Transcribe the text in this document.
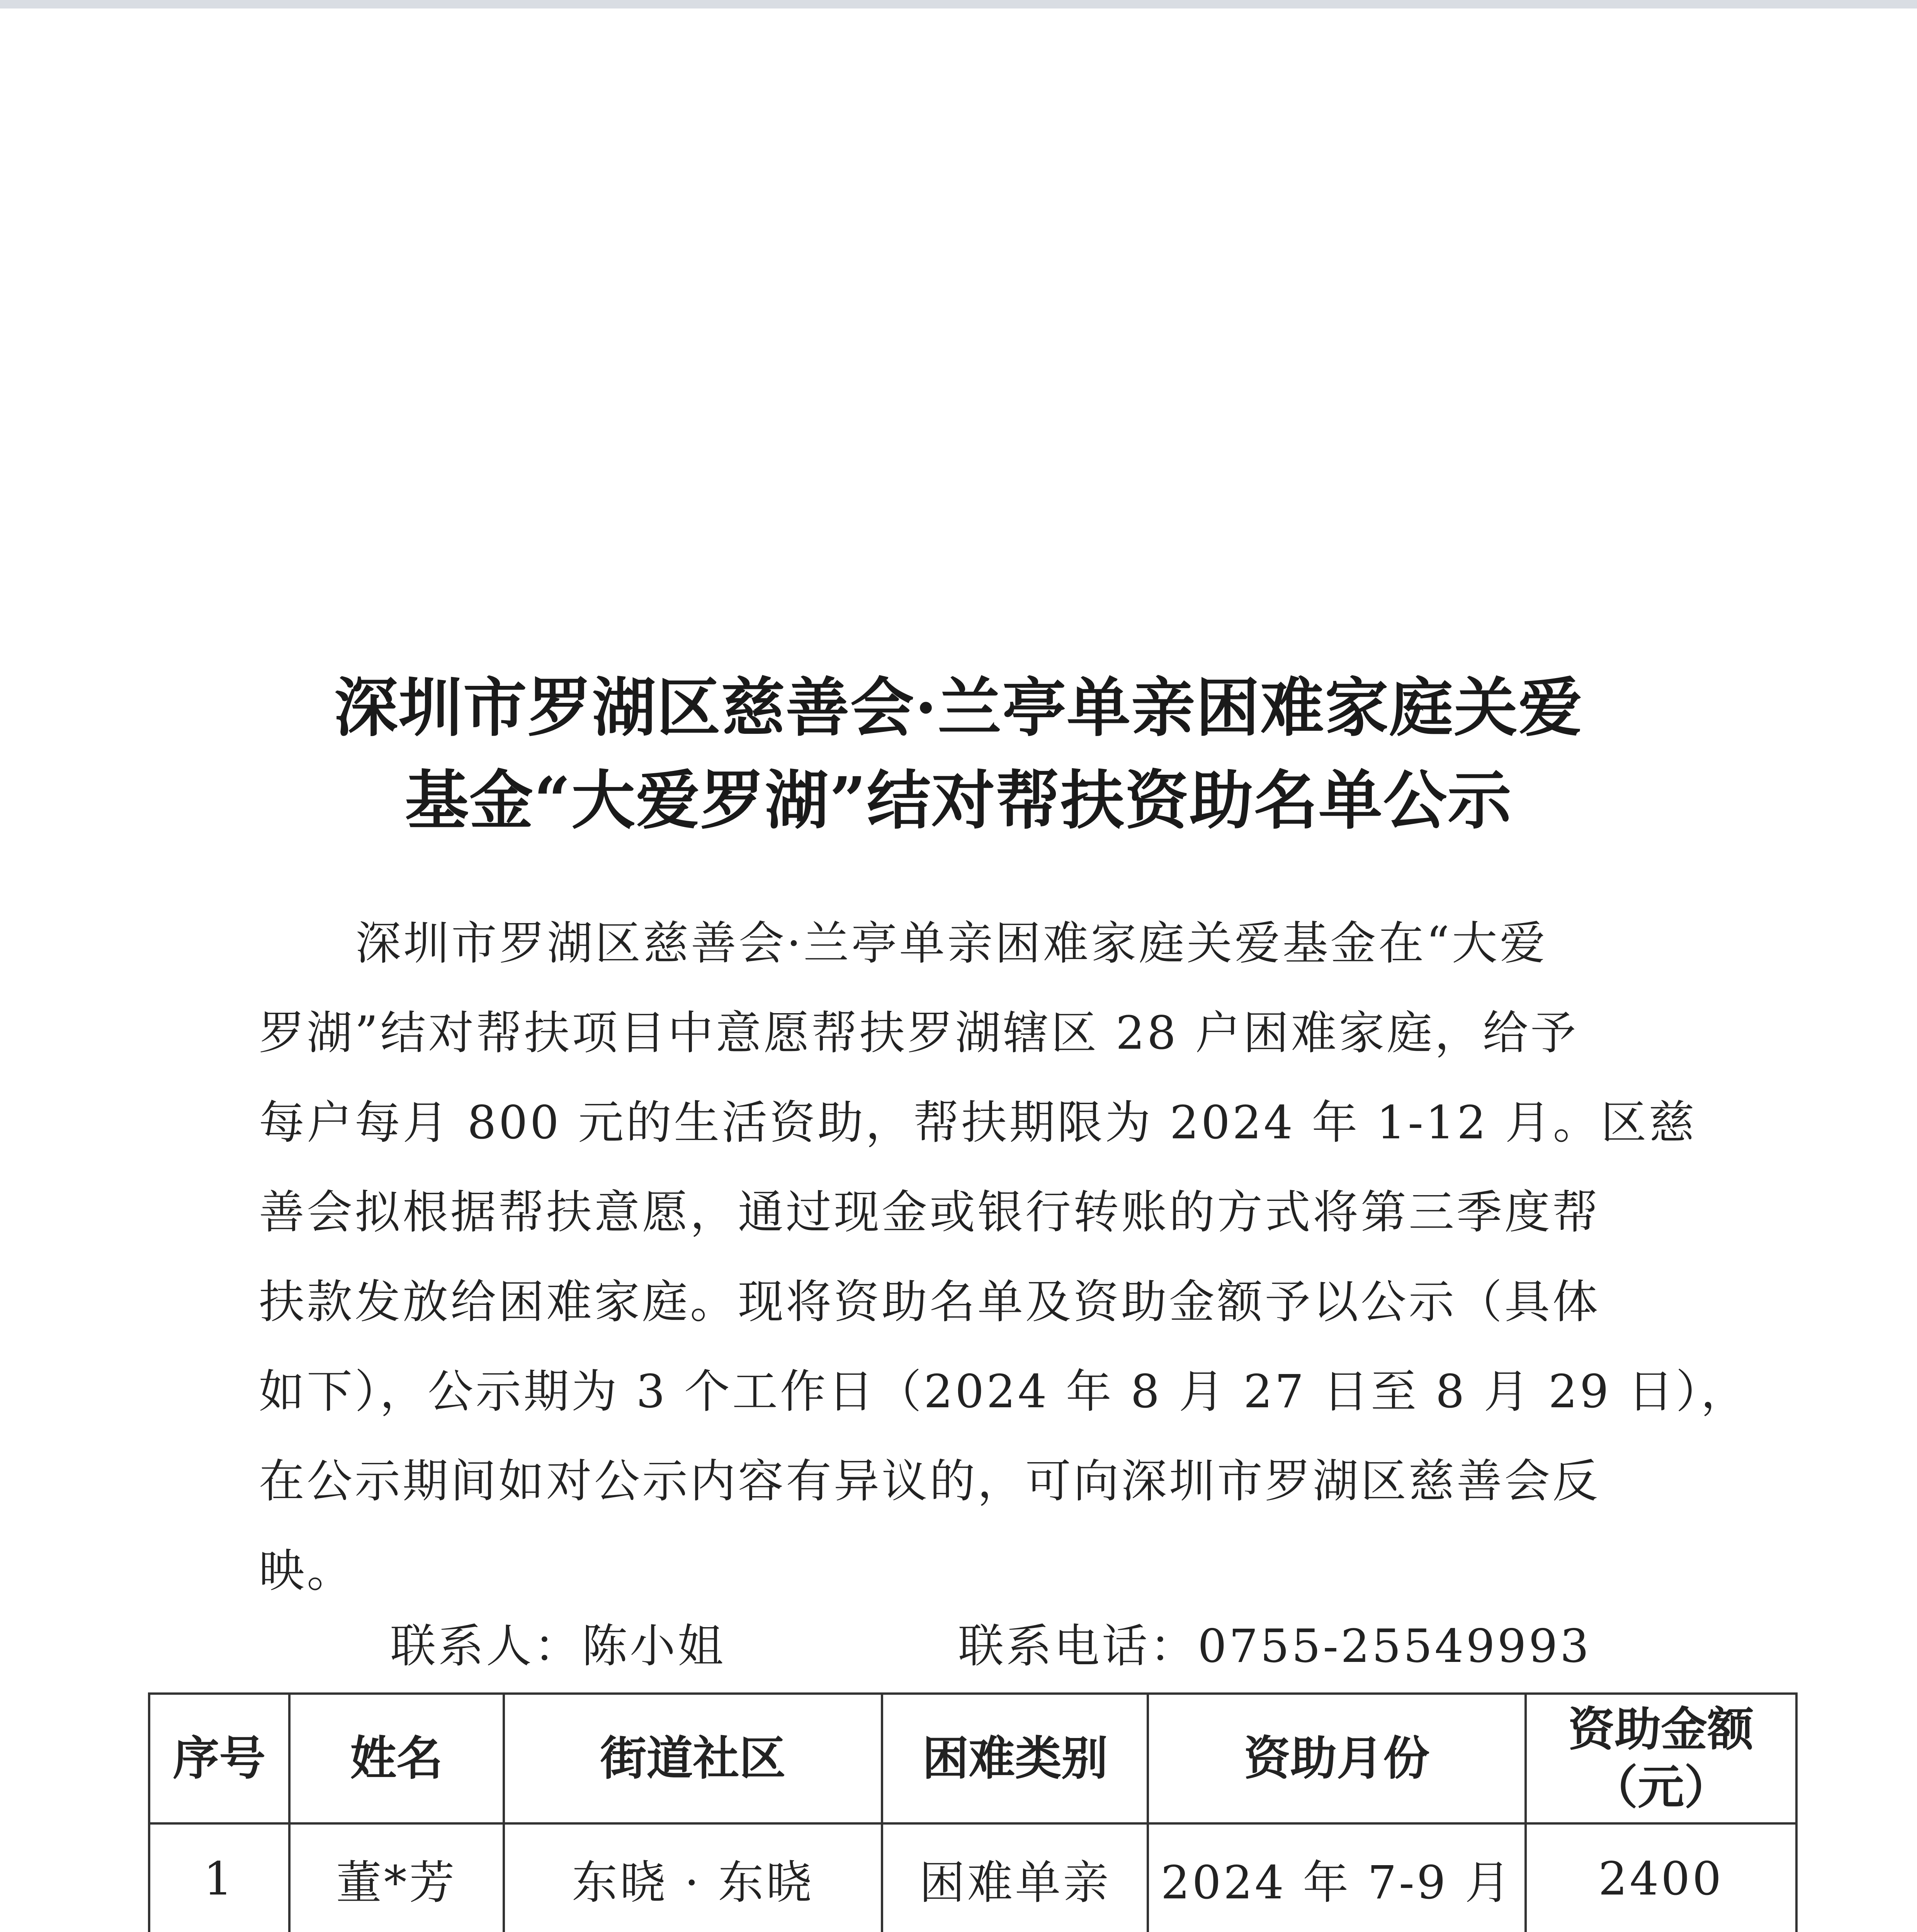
深圳市罗湖区慈善会·兰亭单亲困难家庭关爱
基金“大爱罗湖”结对帮扶资助名单公示
深圳市罗湖区慈善会·兰亭单亲困难家庭关爱基金在“大爱
罗湖”结对帮扶项目中意愿帮扶罗湖辖区 28 户困难家庭，给予
每户每月 800 元的生活资助，帮扶期限为 2024 年 1-12 月。区慈
善会拟根据帮扶意愿，通过现金或银行转账的方式将第三季度帮
扶款发放给困难家庭。现将资助名单及资助金额予以公示（具体
如下），公示期为 3 个工作日（2024 年 8 月 27 日至 8 月 29 日），
在公示期间如对公示内容有异议的，可向深圳市罗湖区慈善会反
映。
联系人：陈小姐	联系电话：0755-25549993
序号	姓名	街道社区	困难类别	资助月份	资助金额
（元）
1	董*芳	东晓 · 东晓	困难单亲	2024 年 7-9 月	2400
